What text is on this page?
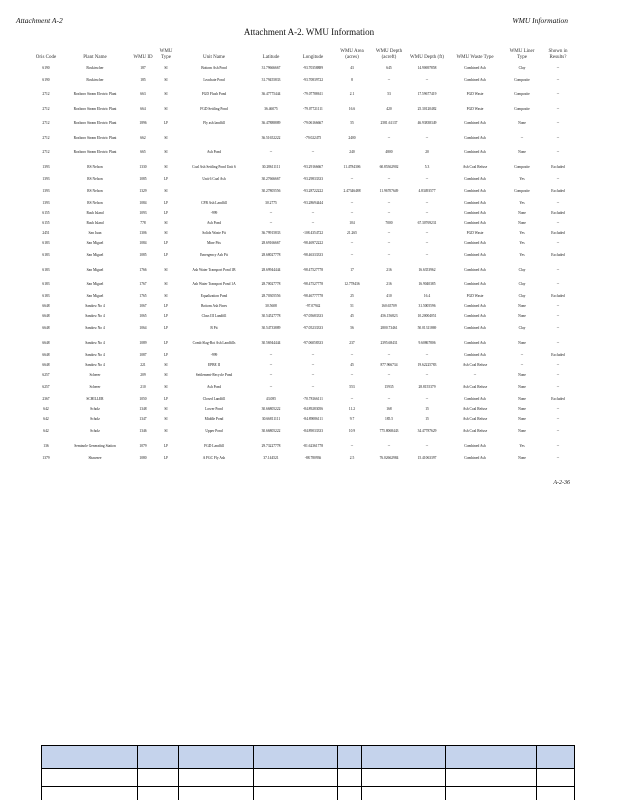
Attachment A-2	WMU Information
Attachment A-2. WMU Information
Oris Code	Plant Name	WMU ID	WMU Type	Unit Name	Latitude	Longitude	WMU Area (acres)	WMU Depth (acreft)	WMU Depth (ft)	WMU Waste Type	WMU Liner Type	Shown in Results?
6190	Boskirscher	187	SI	Bottom Ash Pond	31.79666667	-93.70358889	43	645	14.90697858	Combined Ash	Clay	--
6190	Boskirscher	185	SI	Leachate Pond	31.79455833	-93.70839722	8	--	--	Combined Ash	Composite	--
2712	Roxboro Steam Electric Plant	663	SI	FGD Flush Pond	36.47775444	-79.07788611	2.1	53	17.59677419	FGD Waste	Composite	--
2712	Roxboro Steam Electric Plant	664	SI	FGD Settling Pond	36.46075	-79.07721111	16.6	420	25.30120482	FGD Waste	Composite	--
2712	Roxboro Steam Electric Plant	1896	LF	Fly ash landfill	36.47888889	-79.06166667	55	2581.61137	46.93838349	Combined Ash	None	--
2712	Roxboro Steam Electric Plant	662	SI		36.51652222	-79.022475	2400	--	--	Combined Ash	--	--
2712	Roxboro Steam Electric Plant	665	SI	Ash Pond	--	--	240	4800	20	Combined Ash	None	--
1393	RS Nelson	1330	SI	Coal Ash Settling Pond Unit 6	30.28611111	-93.29166667	11.4784306	60.85362902	5.3	Ash Coal Refuse	Composite	Excluded
1393	RS Nelson	1085	LF	Unit 6 Coal Ash	30.27666667	-93.29833333	--	--	--	Combined Ash	Yes	--
1393	RS Nelson	1329	SI		30.27805556	-93.28722222	2.47346488	11.96707649	4.83493577	Combined Ash	Composite	Excluded
1393	RS Nelson	1084	LF	CFB Ash Landfill	30.2775	-93.28694444	--	--	--	Combined Ash	Yes	--
6155	Rush Island	1093	LF	-999	--	--	--	--	--	Combined Ash	None	Excluded
6155	Rush Island	778	SI	Ash Pond	--	--	104	7000	67.30769231	Combined Ash	None	--
2451	San Juan	1306	SI	Solids Waste Pit	36.79915833	-108.4354722	21.265	--	--	FGD Waste	Yes	Excluded
6183	San Miguel	1084	LF	Mine Pits	28.69166667	-98.46972222	--	--	--	Combined Ash	Yes	--
6183	San Miguel	1085	LF	Emergency Ash Pit	28.68027778	-98.46333333	--	--	--	Combined Ash	Yes	Excluded
6183	San Miguel	1766	SI	Ash Water Transport Pond 1B	28.69944444	-98.47527778	17	216	16.6353962	Combined Ash	Clay	--
6183	San Miguel	1767	SI	Ash Water Transport Pond 1A	28.70027778	-98.47527778	12.778436	216	16.9040385	Combined Ash	Clay	--
6183	San Miguel	1765	SI	Equalization Pond	28.70305556	-98.46777778	25	410	16.4	FGD Waste	Clay	Excluded
6648	Sandow No 4	1067	LF	Bottom Ash Fines	30.5608	-97.07942	51	160.65709	31.5005596	Combined Ash	None	--
6648	Sandow No 4	1065	LF	Class III Landfill	30.54527778	-97.05683333	45	456.156823	10.20004051	Combined Ash	None	--
6648	Sandow No 4	1064	LF	B Pit	30.54733889	-97.05233333	56	2800.73461	50.01311869	Combined Ash	Clay	--
6648	Sandow No 4	1089	LF	Comb Slag-Bot Ash Landfills	30.56944444	-97.06058333	237	2395.68431	9.60867806	Combined Ash	None	--
6648	Sandow No 4	1087	LF	-999	--	--	--	--	--	Combined Ash	--	Excluded
6648	Sandow No 4	221	SI	EPBE II	--	--	45	877.966734	19.62225783	Ash Coal Refuse	--	--
6257	Scherer	209	SI	Settlement-Recycle Pond	--	--	--	--	--	--	None	--
6257	Scherer	210	SI	Ash Pond	--	--	553	15935	28.8155379	Ash Coal Refuse	None	--
2367	SCHILLER	1050	LF	Closed Landfill	43.085	-70.78166111	--	--	--	Combined Ash	None	Excluded
642	Scholz	1348	SI	Lower Pond	30.66805222	-84.89283056	11.2	168	15	Ash Coal Refuse	None	--
642	Scholz	1347	SI	Middle Pond	30.66811111	-84.89086111	9.7	185.5	15	Ash Coal Refuse	None	--
642	Scholz	1346	SI	Upper Pond	30.66805222	-84.89033333	10.9	775.8068443	34.47787629	Ash Coal Refuse	None	--
136	Seminole Generating Station	1079	LF	FGD Landfill	29.73227778	-81.62361778	--	--	--	Combined Ash	Yes	--
1379	Shawnee	1080	LF	A FGC Fly Ash	37.144521	-88.780936	2.5	76.02662984	15.41063397	Combined Ash	None	--
A-2-36
